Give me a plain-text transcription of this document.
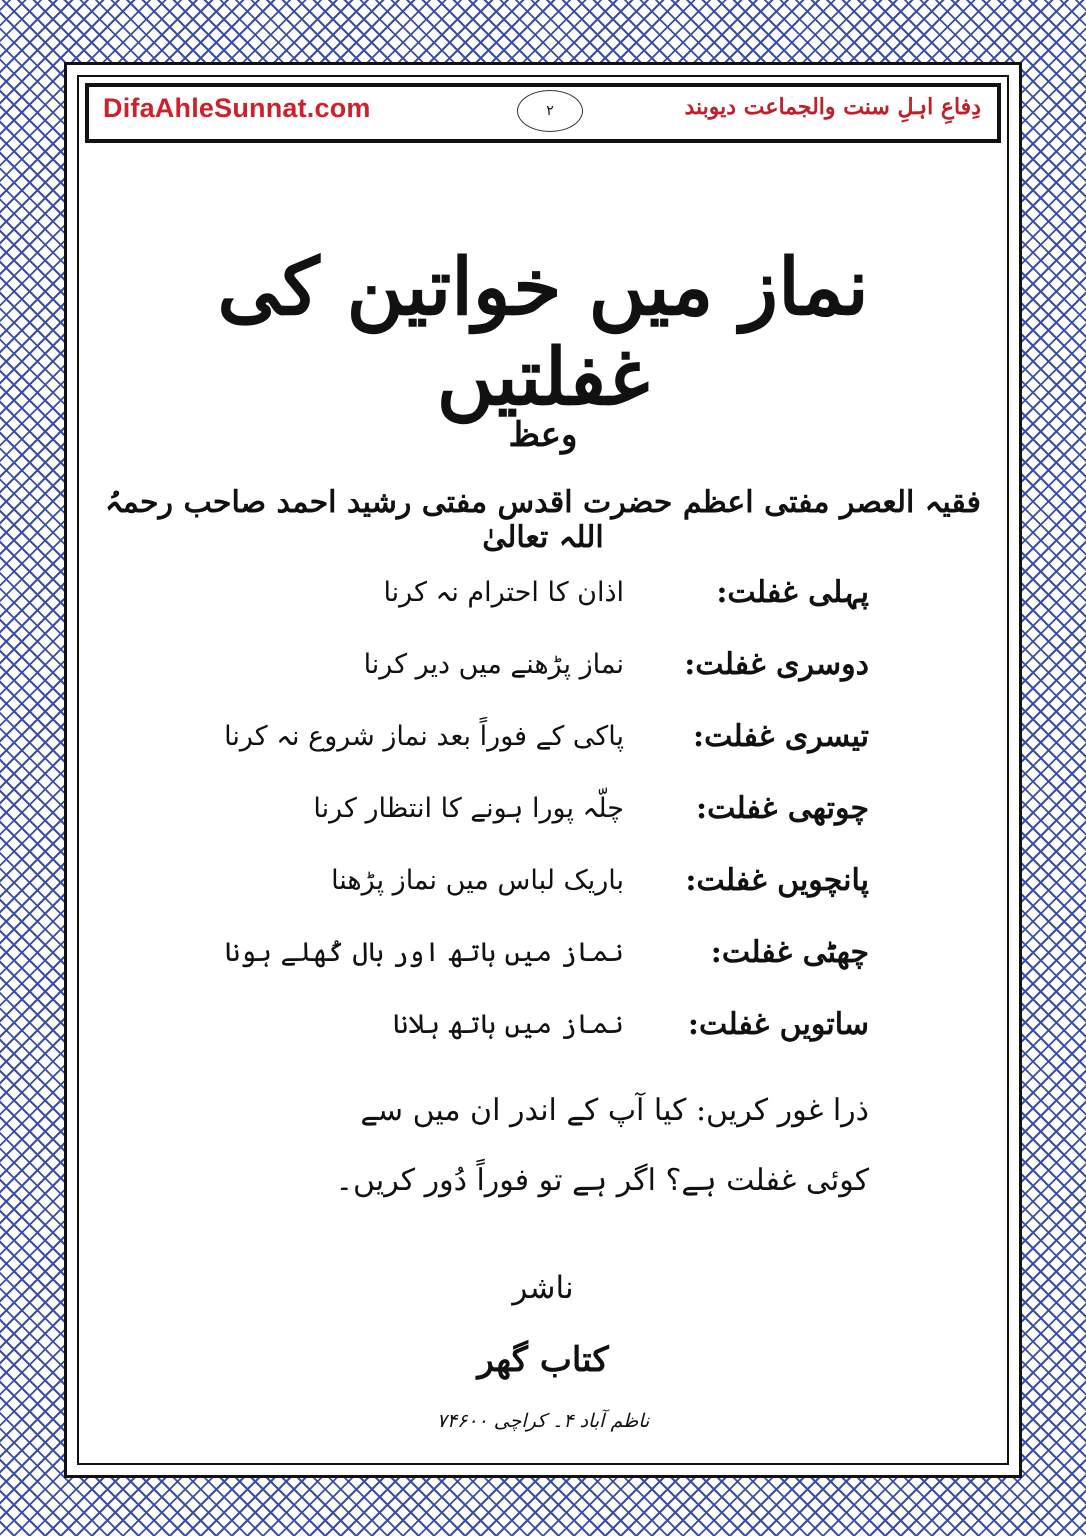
DifaAhleSunnat.com	۲	دِفاعِ اہلِ سنت والجماعت دیوبند
نماز میں خواتین کی غفلتیں
وعظ
فقیہ العصر مفتی اعظم حضرت اقدس مفتی رشید احمد صاحب رحمہُ اللہ تعالیٰ
پہلی غفلت:
اذان کا احترام نہ کرنا
دوسری غفلت:
نماز پڑھنے میں دیر کرنا
تیسری غفلت:
پاکی کے فوراً بعد نماز شروع نہ کرنا
چوتھی غفلت:
چلّہ پورا ہونے کا انتظار کرنا
پانچویں غفلت:
باریک لباس میں نماز پڑھنا
چھٹی غفلت:
نماز میں ہاتھ اور بال کُھلے ہونا
ساتویں غفلت:
نماز میں ہاتھ ہلانا
ذرا غور کریں: کیا آپ کے اندر ان میں سے
کوئی غفلت ہے؟ اگر ہے تو فوراً دُور کریں۔
ناشر
کتاب گھر
ناظم آباد ۴۔ کراچی ۷۴۶۰۰
